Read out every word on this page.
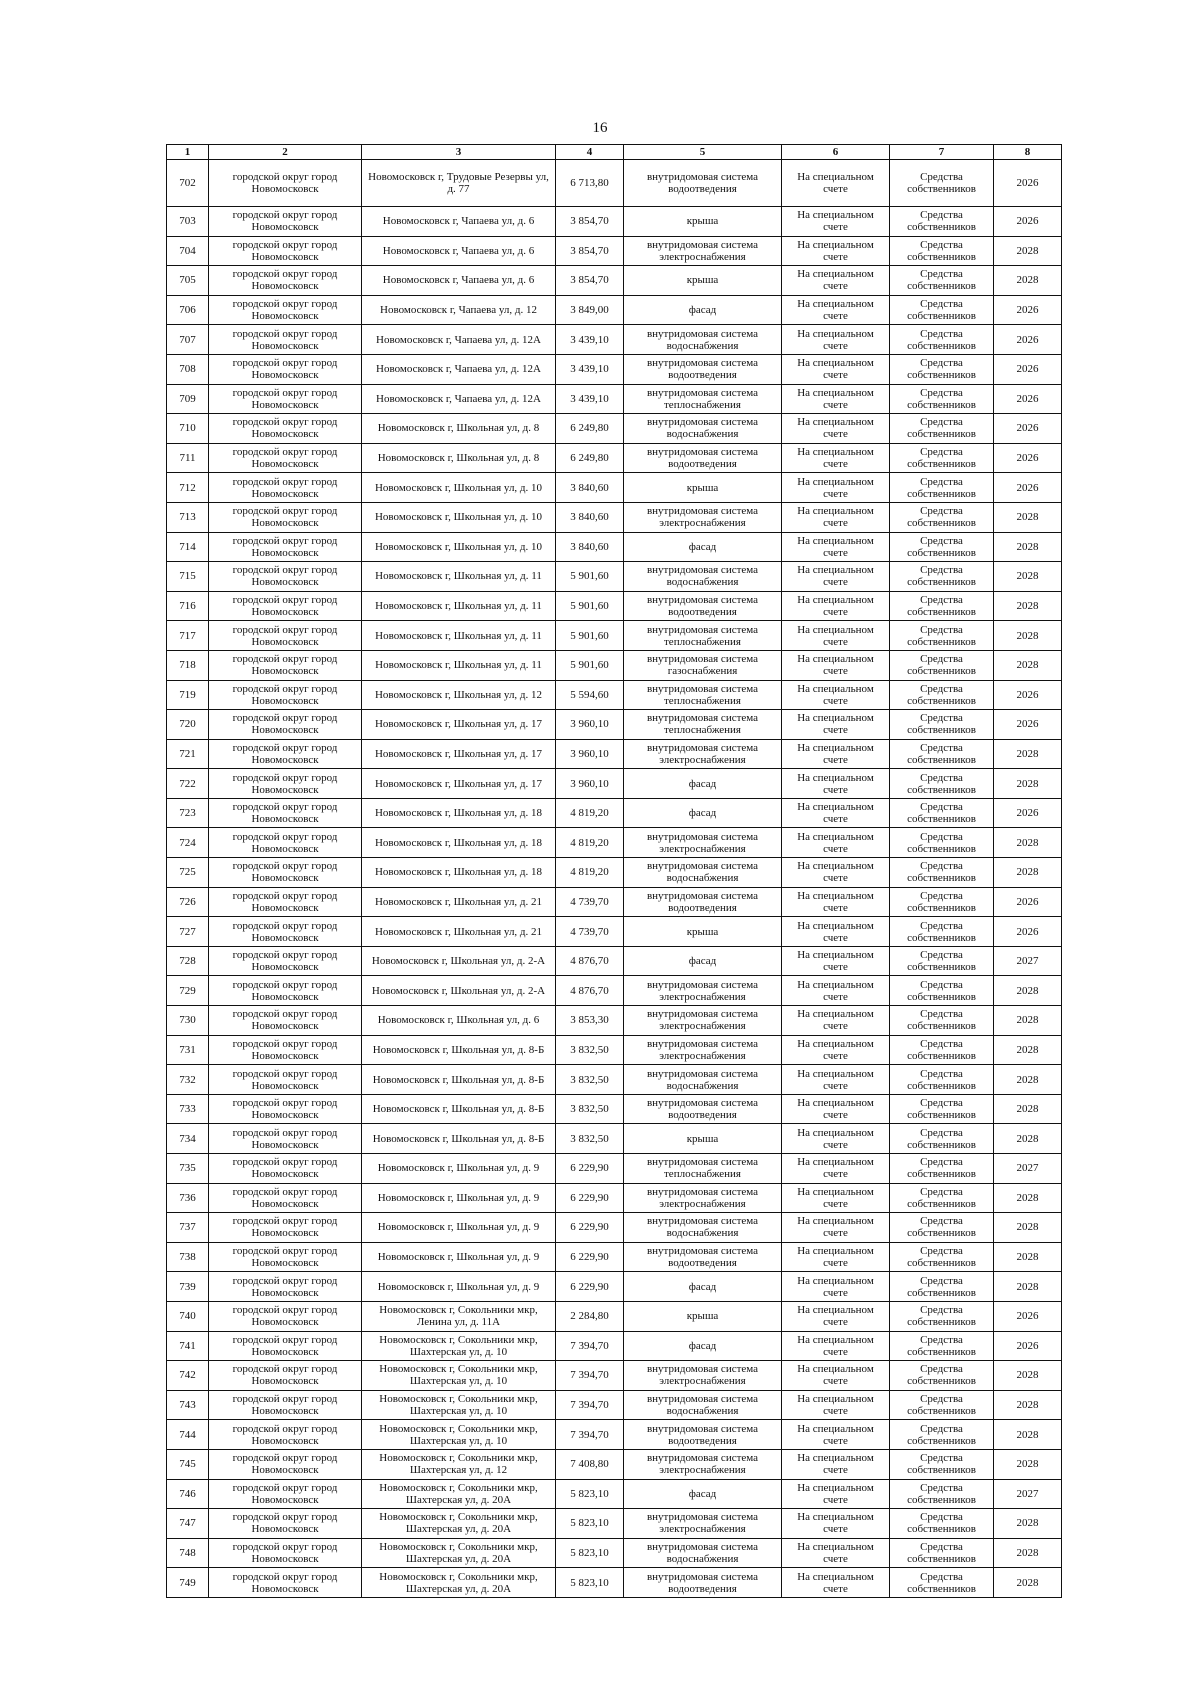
16
1	2	3	4	5	6	7	8
702	городской округ город Новомосковск	Новомосковск г, Трудовые Резервы ул, д. 77	6 713,80	внутридомовая система водоотведения	На специальном счете	Средства собственников	2026
703	городской округ город Новомосковск	Новомосковск г, Чапаева ул, д. 6	3 854,70	крыша	На специальном счете	Средства собственников	2026
704	городской округ город Новомосковск	Новомосковск г, Чапаева ул, д. 6	3 854,70	внутридомовая система электроснабжения	На специальном счете	Средства собственников	2028
705	городской округ город Новомосковск	Новомосковск г, Чапаева ул, д. 6	3 854,70	крыша	На специальном счете	Средства собственников	2028
706	городской округ город Новомосковск	Новомосковск г, Чапаева ул, д. 12	3 849,00	фасад	На специальном счете	Средства собственников	2026
707	городской округ город Новомосковск	Новомосковск г, Чапаева ул, д. 12А	3 439,10	внутридомовая система водоснабжения	На специальном счете	Средства собственников	2026
708	городской округ город Новомосковск	Новомосковск г, Чапаева ул, д. 12А	3 439,10	внутридомовая система водоотведения	На специальном счете	Средства собственников	2026
709	городской округ город Новомосковск	Новомосковск г, Чапаева ул, д. 12А	3 439,10	внутридомовая система теплоснабжения	На специальном счете	Средства собственников	2026
710	городской округ город Новомосковск	Новомосковск г, Школьная ул, д. 8	6 249,80	внутридомовая система водоснабжения	На специальном счете	Средства собственников	2026
711	городской округ город Новомосковск	Новомосковск г, Школьная ул, д. 8	6 249,80	внутридомовая система водоотведения	На специальном счете	Средства собственников	2026
712	городской округ город Новомосковск	Новомосковск г, Школьная ул, д. 10	3 840,60	крыша	На специальном счете	Средства собственников	2026
713	городской округ город Новомосковск	Новомосковск г, Школьная ул, д. 10	3 840,60	внутридомовая система электроснабжения	На специальном счете	Средства собственников	2028
714	городской округ город Новомосковск	Новомосковск г, Школьная ул, д. 10	3 840,60	фасад	На специальном счете	Средства собственников	2028
715	городской округ город Новомосковск	Новомосковск г, Школьная ул, д. 11	5 901,60	внутридомовая система водоснабжения	На специальном счете	Средства собственников	2028
716	городской округ город Новомосковск	Новомосковск г, Школьная ул, д. 11	5 901,60	внутридомовая система водоотведения	На специальном счете	Средства собственников	2028
717	городской округ город Новомосковск	Новомосковск г, Школьная ул, д. 11	5 901,60	внутридомовая система теплоснабжения	На специальном счете	Средства собственников	2028
718	городской округ город Новомосковск	Новомосковск г, Школьная ул, д. 11	5 901,60	внутридомовая система газоснабжения	На специальном счете	Средства собственников	2028
719	городской округ город Новомосковск	Новомосковск г, Школьная ул, д. 12	5 594,60	внутридомовая система теплоснабжения	На специальном счете	Средства собственников	2026
720	городской округ город Новомосковск	Новомосковск г, Школьная ул, д. 17	3 960,10	внутридомовая система теплоснабжения	На специальном счете	Средства собственников	2026
721	городской округ город Новомосковск	Новомосковск г, Школьная ул, д. 17	3 960,10	внутридомовая система электроснабжения	На специальном счете	Средства собственников	2028
722	городской округ город Новомосковск	Новомосковск г, Школьная ул, д. 17	3 960,10	фасад	На специальном счете	Средства собственников	2028
723	городской округ город Новомосковск	Новомосковск г, Школьная ул, д. 18	4 819,20	фасад	На специальном счете	Средства собственников	2026
724	городской округ город Новомосковск	Новомосковск г, Школьная ул, д. 18	4 819,20	внутридомовая система электроснабжения	На специальном счете	Средства собственников	2028
725	городской округ город Новомосковск	Новомосковск г, Школьная ул, д. 18	4 819,20	внутридомовая система водоснабжения	На специальном счете	Средства собственников	2028
726	городской округ город Новомосковск	Новомосковск г, Школьная ул, д. 21	4 739,70	внутридомовая система водоотведения	На специальном счете	Средства собственников	2026
727	городской округ город Новомосковск	Новомосковск г, Школьная ул, д. 21	4 739,70	крыша	На специальном счете	Средства собственников	2026
728	городской округ город Новомосковск	Новомосковск г, Школьная ул, д. 2-А	4 876,70	фасад	На специальном счете	Средства собственников	2027
729	городской округ город Новомосковск	Новомосковск г, Школьная ул, д. 2-А	4 876,70	внутридомовая система электроснабжения	На специальном счете	Средства собственников	2028
730	городской округ город Новомосковск	Новомосковск г, Школьная ул, д. 6	3 853,30	внутридомовая система электроснабжения	На специальном счете	Средства собственников	2028
731	городской округ город Новомосковск	Новомосковск г, Школьная ул, д. 8-Б	3 832,50	внутридомовая система электроснабжения	На специальном счете	Средства собственников	2028
732	городской округ город Новомосковск	Новомосковск г, Школьная ул, д. 8-Б	3 832,50	внутридомовая система водоснабжения	На специальном счете	Средства собственников	2028
733	городской округ город Новомосковск	Новомосковск г, Школьная ул, д. 8-Б	3 832,50	внутридомовая система водоотведения	На специальном счете	Средства собственников	2028
734	городской округ город Новомосковск	Новомосковск г, Школьная ул, д. 8-Б	3 832,50	крыша	На специальном счете	Средства собственников	2028
735	городской округ город Новомосковск	Новомосковск г, Школьная ул, д. 9	6 229,90	внутридомовая система теплоснабжения	На специальном счете	Средства собственников	2027
736	городской округ город Новомосковск	Новомосковск г, Школьная ул, д. 9	6 229,90	внутридомовая система электроснабжения	На специальном счете	Средства собственников	2028
737	городской округ город Новомосковск	Новомосковск г, Школьная ул, д. 9	6 229,90	внутридомовая система водоснабжения	На специальном счете	Средства собственников	2028
738	городской округ город Новомосковск	Новомосковск г, Школьная ул, д. 9	6 229,90	внутридомовая система водоотведения	На специальном счете	Средства собственников	2028
739	городской округ город Новомосковск	Новомосковск г, Школьная ул, д. 9	6 229,90	фасад	На специальном счете	Средства собственников	2028
740	городской округ город Новомосковск	Новомосковск г, Сокольники мкр, Ленина ул, д. 11А	2 284,80	крыша	На специальном счете	Средства собственников	2026
741	городской округ город Новомосковск	Новомосковск г, Сокольники мкр, Шахтерская ул, д. 10	7 394,70	фасад	На специальном счете	Средства собственников	2026
742	городской округ город Новомосковск	Новомосковск г, Сокольники мкр, Шахтерская ул, д. 10	7 394,70	внутридомовая система электроснабжения	На специальном счете	Средства собственников	2028
743	городской округ город Новомосковск	Новомосковск г, Сокольники мкр, Шахтерская ул, д. 10	7 394,70	внутридомовая система водоснабжения	На специальном счете	Средства собственников	2028
744	городской округ город Новомосковск	Новомосковск г, Сокольники мкр, Шахтерская ул, д. 10	7 394,70	внутридомовая система водоотведения	На специальном счете	Средства собственников	2028
745	городской округ город Новомосковск	Новомосковск г, Сокольники мкр, Шахтерская ул, д. 12	7 408,80	внутридомовая система электроснабжения	На специальном счете	Средства собственников	2028
746	городской округ город Новомосковск	Новомосковск г, Сокольники мкр, Шахтерская ул, д. 20А	5 823,10	фасад	На специальном счете	Средства собственников	2027
747	городской округ город Новомосковск	Новомосковск г, Сокольники мкр, Шахтерская ул, д. 20А	5 823,10	внутридомовая система электроснабжения	На специальном счете	Средства собственников	2028
748	городской округ город Новомосковск	Новомосковск г, Сокольники мкр, Шахтерская ул, д. 20А	5 823,10	внутридомовая система водоснабжения	На специальном счете	Средства собственников	2028
749	городской округ город Новомосковск	Новомосковск г, Сокольники мкр, Шахтерская ул, д. 20А	5 823,10	внутридомовая система водоотведения	На специальном счете	Средства собственников	2028
